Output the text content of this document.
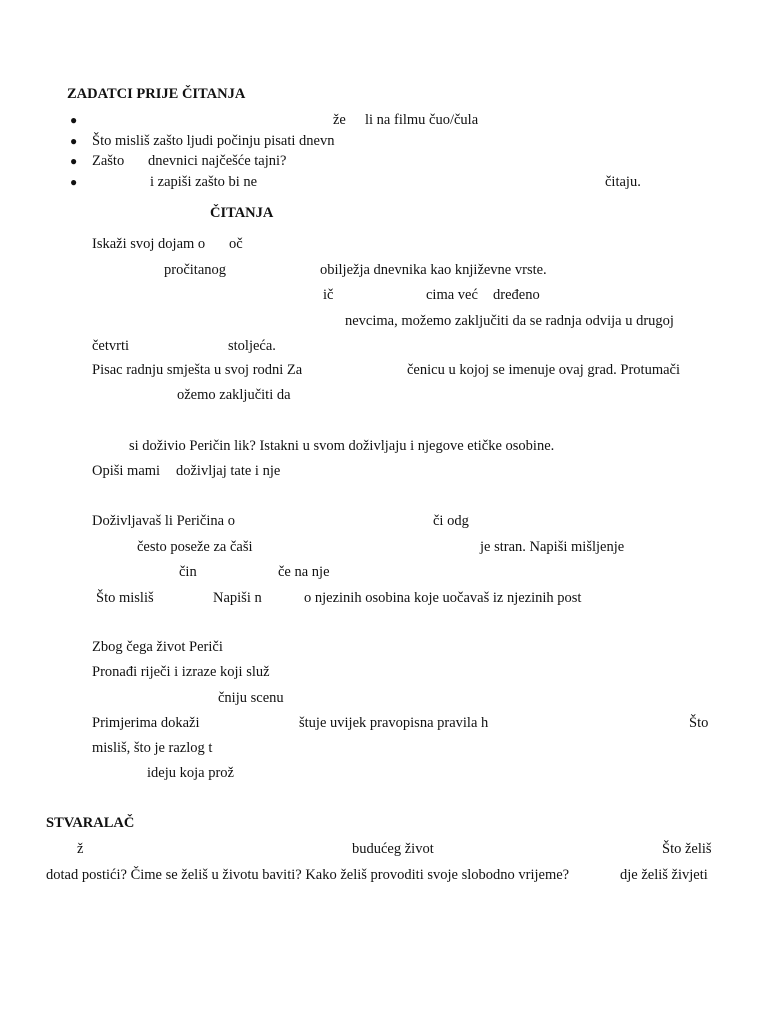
ZADATCI PRIJE ČITANJA
●	že li na filmu čuo/čula
● Što misliš zašto ljudi počinju pisati dnevn
● Zašto dnevnici najčešće tajni?
●	i zapiši zašto bi ne	čitaju.
ČITANJA
Iskaži svoj dojam o oč
pročitanog	obilježja dnevnika kao književne vrste.
ič	cima već dređeno
nevcima, možemo zaključiti da se radnja odvija u drugoj
četvrti	stoljeća.
Pisac radnju smješta u svoj rodni Za	čenicu u kojoj se imenuje ovaj grad. Protumači
ožemo zaključiti da
si doživio Peričin lik? Istakni u svom doživljaju i njegove etičke osobine.
Opiši mami doživljaj tate i nje
Doživljavaš li Peričina o	či odg
često poseže za čaši	je stran. Napiši mišljenje
čin	če na nje
Što misliš	Napiši n	o njezinih osobina koje uočavaš iz njezinih post
Zbog čega život Periči
Pronađi riječi i izraze koji služ
čniju scenu
Primjerima dokaži	štuje uvijek pravopisna pravila h	Što
misliš, što je razlog t
ideju koja prož
STVARALAČ
ž	budućeg život	Što želiš
dotad postići? Čime se želiš u životu baviti? Kako želiš provoditi svoje slobodno vrijeme?	dje želiš živjeti
